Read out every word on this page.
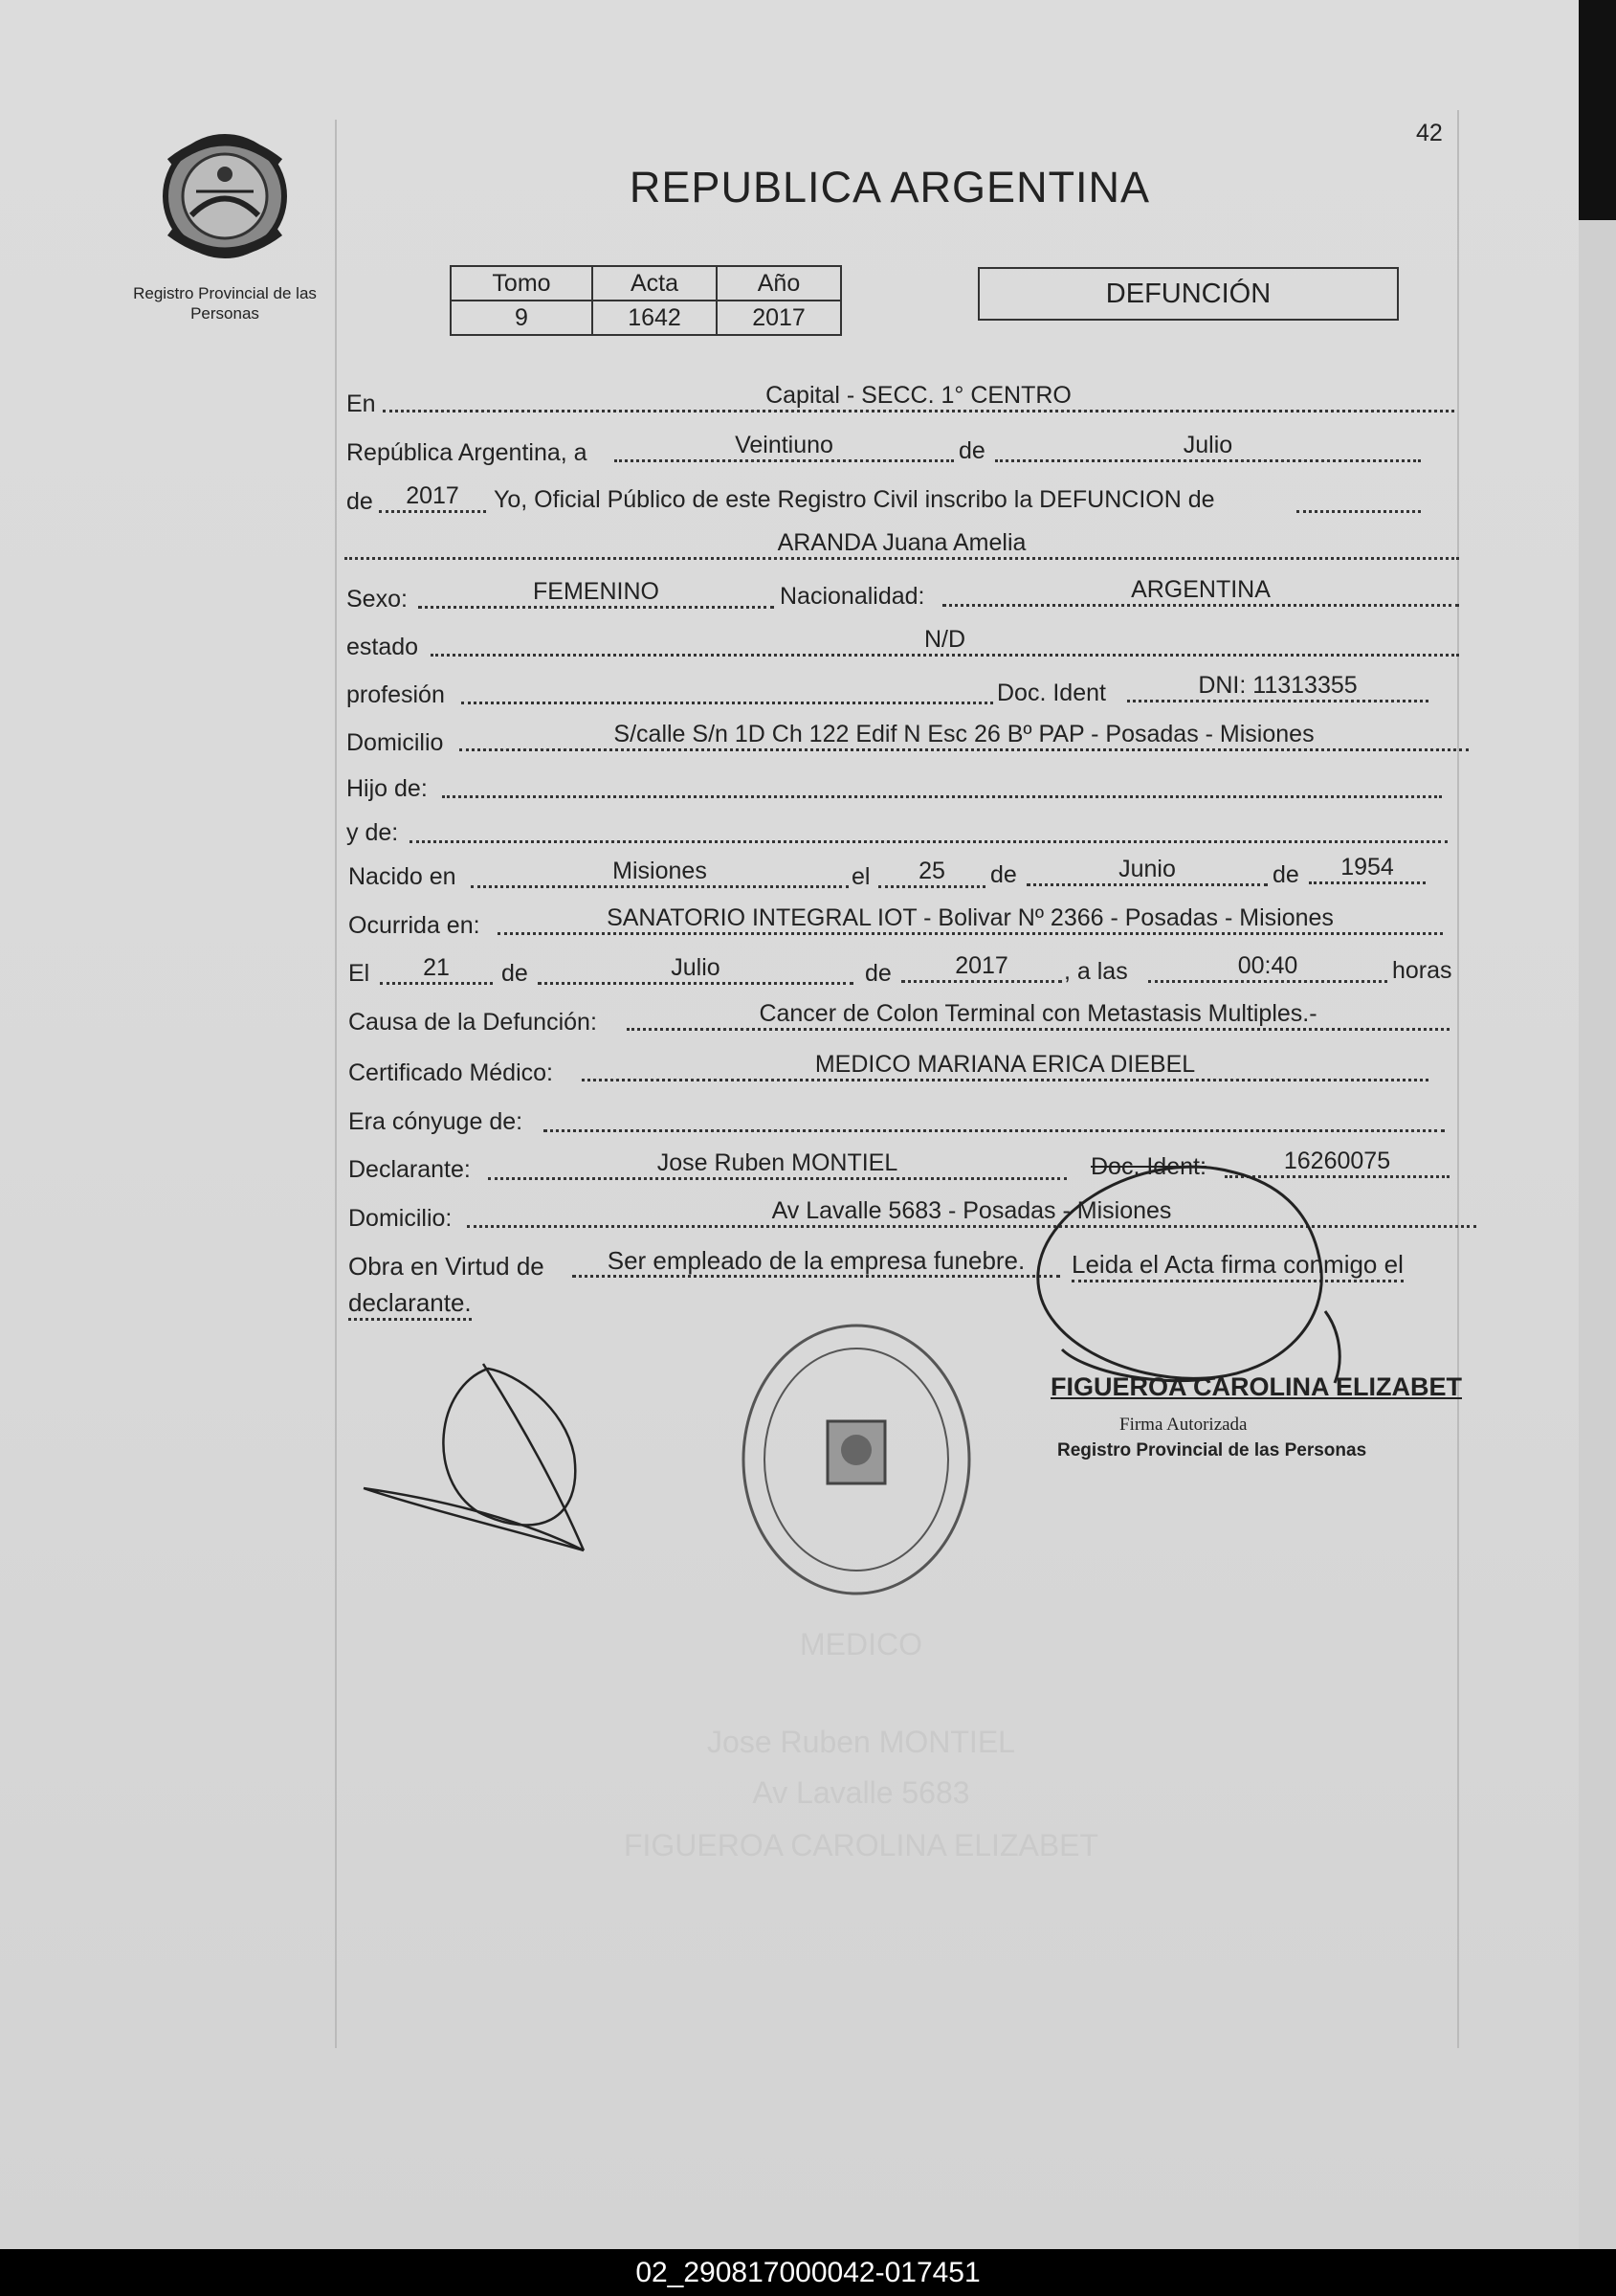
42
Registro Provincial de las Personas
REPUBLICA ARGENTINA
Tomo	Acta	Año
9	1642	2017
DEFUNCIÓN
En	Capital - SECC. 1° CENTRO
República Argentina, a	Veintiuno	de	Julio
de	2017	Yo, Oficial Público de este Registro Civil inscribo la DEFUNCION de
ARANDA Juana Amelia
Sexo:	FEMENINO	Nacionalidad:	ARGENTINA
estado	N/D
profesión	Doc. Ident	DNI: 11313355
Domicilio	S/calle S/n 1D Ch 122 Edif N Esc 26 Bº PAP - Posadas - Misiones
Hijo de:
y de:
Nacido en	Misiones	el	25	de	Junio	de	1954
Ocurrida en:	SANATORIO INTEGRAL IOT - Bolivar Nº 2366 - Posadas - Misiones
El	21	de	Julio	de	2017	, a las	00:40	horas
Causa de la Defunción:	Cancer de Colon Terminal con Metastasis Multiples.-
Certificado Médico:	MEDICO MARIANA ERICA DIEBEL
Era cónyuge de:
Declarante:	Jose Ruben MONTIEL	Doc. Ident:	16260075
Domicilio:	Av Lavalle 5683 - Posadas - Misiones
Obra en Virtud de	Ser empleado de la empresa funebre.	Leida el Acta firma conmigo el
declarante.
MEDICO
Jose Ruben MONTIEL
Av Lavalle 5683
FIGUEROA CAROLINA ELIZABET
FIGUEROA CAROLINA ELIZABET
Firma Autorizada
Registro Provincial de las Personas
02_290817000042-017451
